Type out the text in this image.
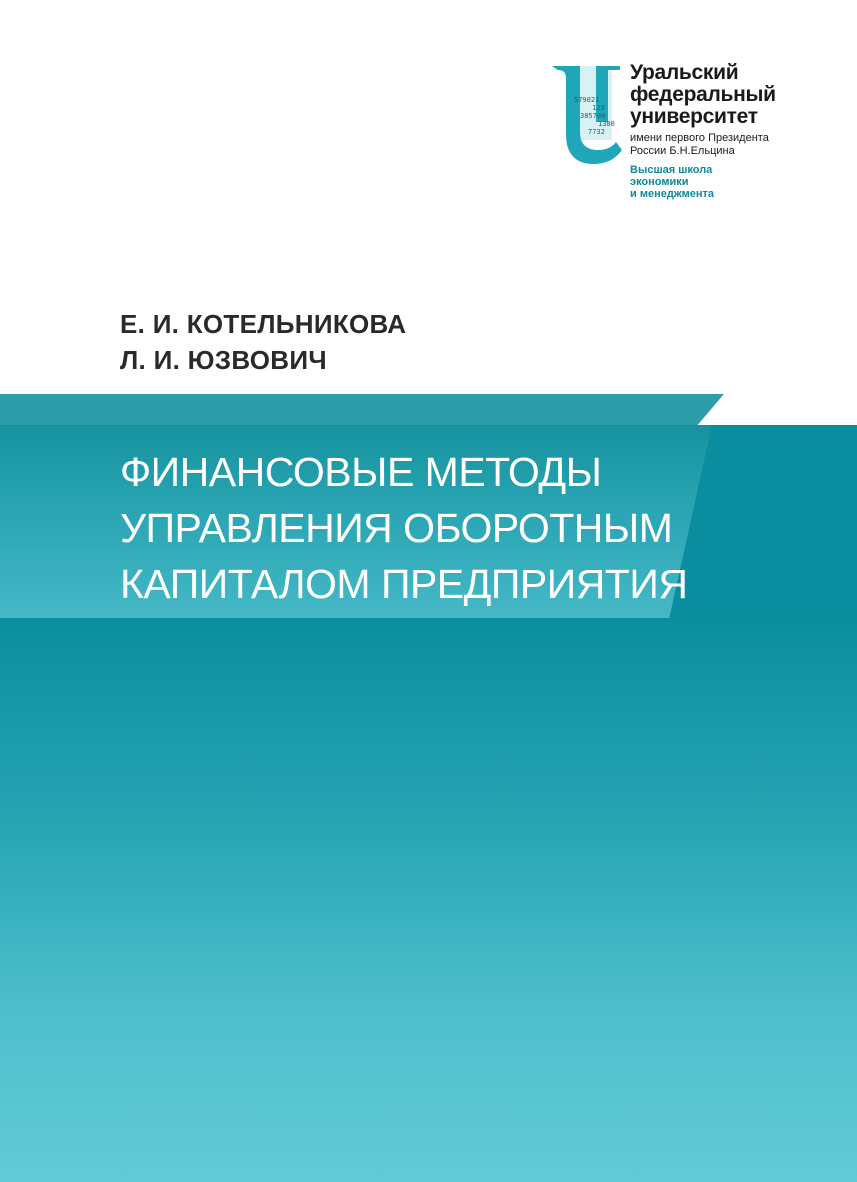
579021
123
385700
1380
7732
Уральский
федеральный
университет
имени первого Президента
России Б.Н.Ельцина
Высшая школа
экономики
и менеджмента
Е. И. КОТЕЛЬНИКОВА
Л. И. ЮЗВОВИЧ
ФИНАНСОВЫЕ МЕТОДЫ
УПРАВЛЕНИЯ ОБОРОТНЫМ
КАПИТАЛОМ ПРЕДПРИЯТИЯ
